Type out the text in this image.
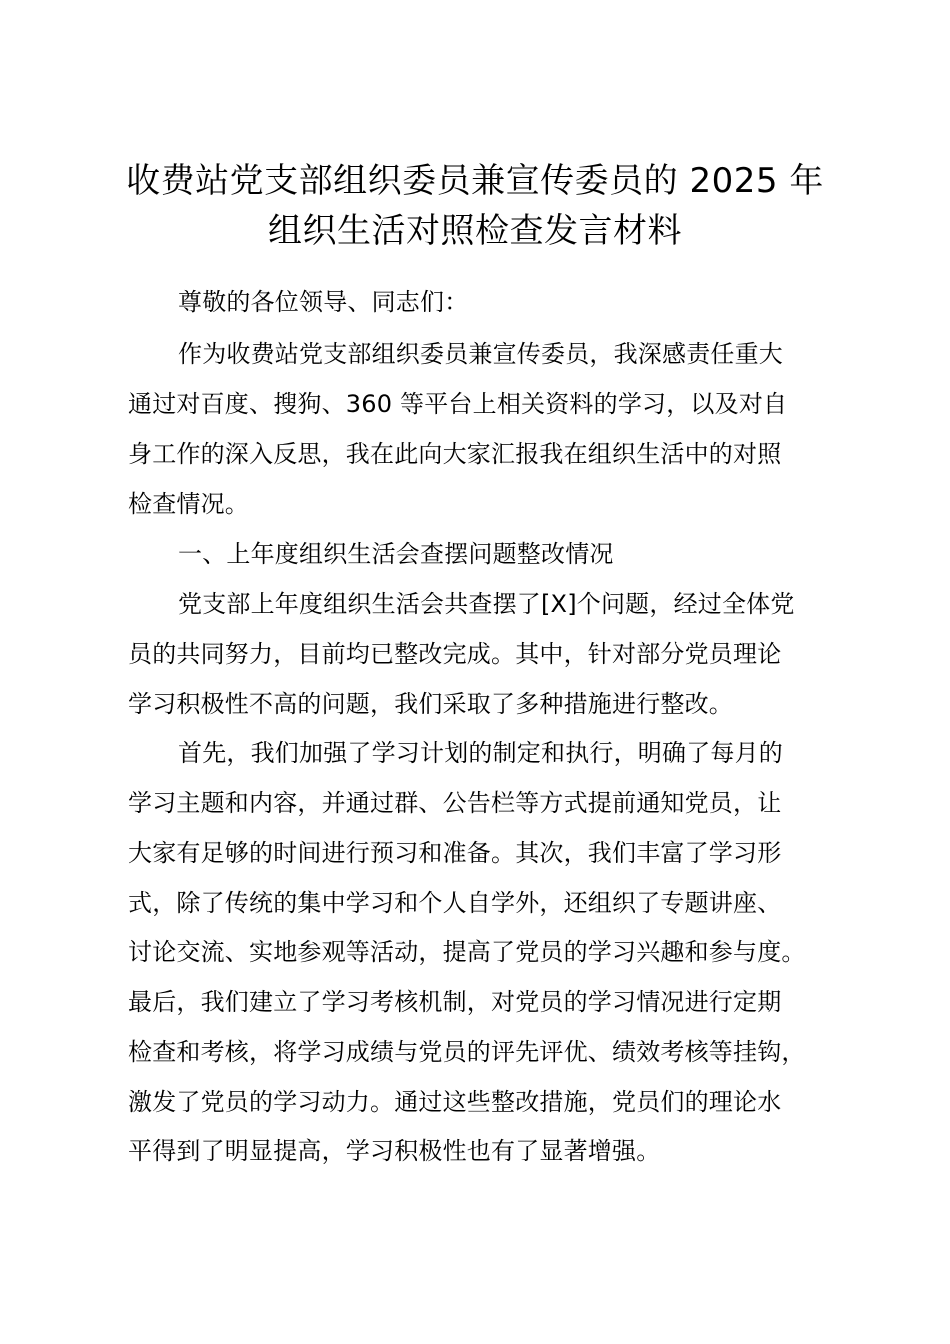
收费站党支部组织委员兼宣传委员的 2025 年
组织生活对照检查发言材料
尊敬的各位领导、同志们：
作为收费站党支部组织委员兼宣传委员，我深感责任重大
通过对百度、搜狗、360 等平台上相关资料的学习，以及对自
身工作的深入反思，我在此向大家汇报我在组织生活中的对照
检查情况。
一、上年度组织生活会查摆问题整改情况
党支部上年度组织生活会共查摆了[X]个问题，经过全体党
员的共同努力，目前均已整改完成。其中，针对部分党员理论
学习积极性不高的问题，我们采取了多种措施进行整改。
首先，我们加强了学习计划的制定和执行，明确了每月的
学习主题和内容，并通过群、公告栏等方式提前通知党员，让
大家有足够的时间进行预习和准备。其次，我们丰富了学习形
式，除了传统的集中学习和个人自学外，还组织了专题讲座、
讨论交流、实地参观等活动，提高了党员的学习兴趣和参与度。
最后，我们建立了学习考核机制，对党员的学习情况进行定期
检查和考核，将学习成绩与党员的评先评优、绩效考核等挂钩，
激发了党员的学习动力。通过这些整改措施，党员们的理论水
平得到了明显提高，学习积极性也有了显著增强。
